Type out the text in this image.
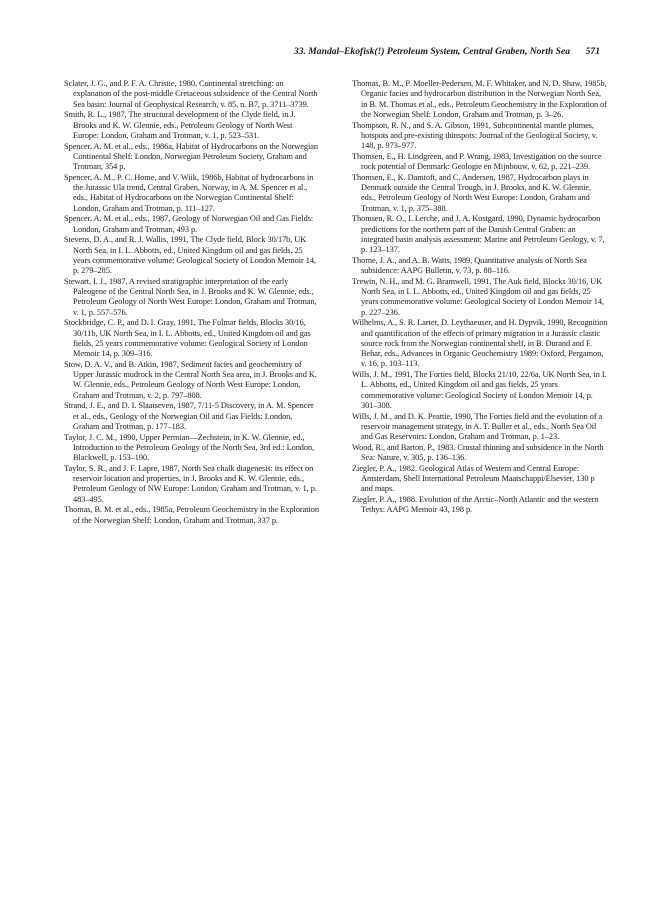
33. Mandal–Ekofisk(!) Petroleum System, Central Graben, North Sea 571

Sclater, J. G., and P. F. A. Christie, 1980, Continental stretching: an explanation of the post-middle Cretaceous subsidence of the Central North Sea basin: Journal of Geophysical Research, v. 85, n. B7, p. 3711–3739.

Smith, R. L., 1987, The structural development of the Clyde field, in J. Brooks and K. W. Glennie, eds., Petroleum Geology of North West Europe: London, Graham and Trotman, v. 1, p. 523–531.

Spencer, A. M. et al., eds., 1986a, Habitat of Hydrocarbons on the Norwegian Continental Shelf: London, Norwegian Petroleum Society, Graham and Trotman, 354 p.

Spencer, A. M., P. C. Home, and V. Wiik, 1986b, Habitat of hydrocarbons in the Jurassic Ula trend, Central Graben, Norway, in A. M. Spencer et al., eds., Habitat of Hydrocarbons on the Norwegian Continental Shelf: London, Graham and Trotman, p. 111–127.

Spencer, A. M. et al., eds., 1987, Geology of Norwegian Oil and Gas Fields: London, Graham and Trotman, 493 p.

Stevens, D. A., and R. J. Wallis, 1991, The Clyde field, Block 30/17b, UK North Sea, in I. L. Abbotts, ed., United Kingdom oil and gas fields, 25 years commemorative volume: Geological Society of London Memoir 14, p. 279–285.

Stewart, I. J., 1987, A revised stratigraphic interpretation of the early Paleogene of the Central North Sea, in J. Brooks and K. W. Glennie, eds., Petroleum Geology of North West Europe: London, Graham and Trotman, v. 1, p. 557–576.

Stockbridge, C. P., and D. I. Gray, 1991, The Fulmar fields, Blocks 30/16, 30/11b, UK North Sea, in I. L. Abbotts, ed., United Kingdom oil and gas fields, 25 years commemorative volume: Geological Society of London Memoir 14, p. 309–316.

Stow, D. A. V., and B. Atkin, 1987, Sediment facies and geochemistry of Upper Jurassic mudrock in the Central North Sea area, in J. Brooks and K. W. Glennie, eds., Petroleum Geology of North West Europe: London, Graham and Trotman, v. 2, p. 797–808.

Strand, J. E., and D. I. Slaatseven, 1987, 7/11-5 Discovery, in A. M. Spencer et al., eds., Geology of the Norwegian Oil and Gas Fields: London, Graham and Trotman, p. 177–183.

Taylor, J. C. M., 1990, Upper Permian—Zechstein, in K. W. Glennie, ed., Introduction to the Petroleum Geology of the North Sea, 3rd ed.: London, Blackwell, p. 153–190.

Taylor, S. R., and J. F. Lapre, 1987, North Sea chalk diagenesis: its effect on reservoir location and properties, in J. Brooks and K. W. Glennie, eds., Petroleum Geology of NW Europe: London, Graham and Trotman, v. 1, p. 483–495.

Thomas, B. M. et al., eds., 1985a, Petroleum Geochemistry in the Exploration of the Norwegian Shelf: London, Graham and Trotman, 337 p.

Thomas, B. M., P. Moeller-Pedersen, M. F. Whitaker, and N. D. Shaw, 1985b, Organic facies and hydrocarbon distribution in the Norwegian North Sea, in B. M. Thomas et al., eds., Petroleum Geochemistry in the Exploration of the Norwegian Shelf: London, Graham and Trotman, p. 3–26.

Thompson, R. N., and S. A. Gibson, 1991, Subcontinental mantle plumes, hotspots and pre-existing thinspots: Journal of the Geological Society, v. 148, p. 973–977.

Thomsen, E., H. Lindgreen, and P. Wrang, 1983, Investigation on the source rock potential of Denmark: Geologie en Mijnbouw, v. 62, p. 221–239.

Thomsen, E., K. Damtoft, and C. Andersen, 1987, Hydrocarbon plays in Denmark outside the Central Trough, in J. Brooks, and K. W. Glennie, eds., Petroleum Geology of North West Europe: London, Graham and Trotman, v. 1, p. 375–388.

Thomsen, R. O., I. Lerche, and J. A. Kostgard, 1990, Dynamic hydrocarbon predictions for the northern part of the Danish Central Graben: an integrated basin analysis assessment: Marine and Petroleum Geology, v. 7, p. 123–137.

Thorne, J. A., and A. B. Watts, 1989, Quantitative analysis of North Sea subsidence: AAPG Bulletin, v. 73, p. 88–116.

Trewin, N. H., and M. G. Bramwell, 1991, The Auk field, Blocks 30/16, UK North Sea, in I. L. Abbotts, ed., United Kingdom oil and gas fields, 25 years commemorative volume: Geological Society of London Memoir 14, p. 227–236.

Wilhelms, A., S. R. Larter, D. Leythaeuser, and H. Dypvik, 1990, Recognition and quantification of the effects of primary migration in a Jurassic clastic source rock from the Norwegian continental shelf, in B. Durand and F. Behar, eds., Advances in Organic Geochemistry 1989: Oxford, Pergamon, v. 16, p. 103–113.

Wills, J. M., 1991, The Forties field, Blocks 21/10, 22/6a, UK North Sea, in I. L. Abbotts, ed., United Kingdom oil and gas fields, 25 years commemorative volume: Geological Society of London Memoir 14, p. 301–308.

Wills, J. M., and D. K. Peattie, 1990, The Forties field and the evolution of a reservoir management strategy, in A. T. Buller et al., eds., North Sea Oil and Gas Reservoirs: London, Graham and Trotman, p. 1–23.

Wood, R., and Barton, P., 1983. Crustal thinning and subsidence in the North Sea: Nature, v. 305, p. 136–136.

Ziegler, P. A., 1982. Geological Atlas of Western and Central Europe: Amsterdam, Shell International Petroleum Maatschappi/Elsevier, 130 p and maps.

Ziegler, P. A., 1988. Evolution of the Arctic–North Atlantic and the western Tethys: AAPG Memoir 43, 198 p.
